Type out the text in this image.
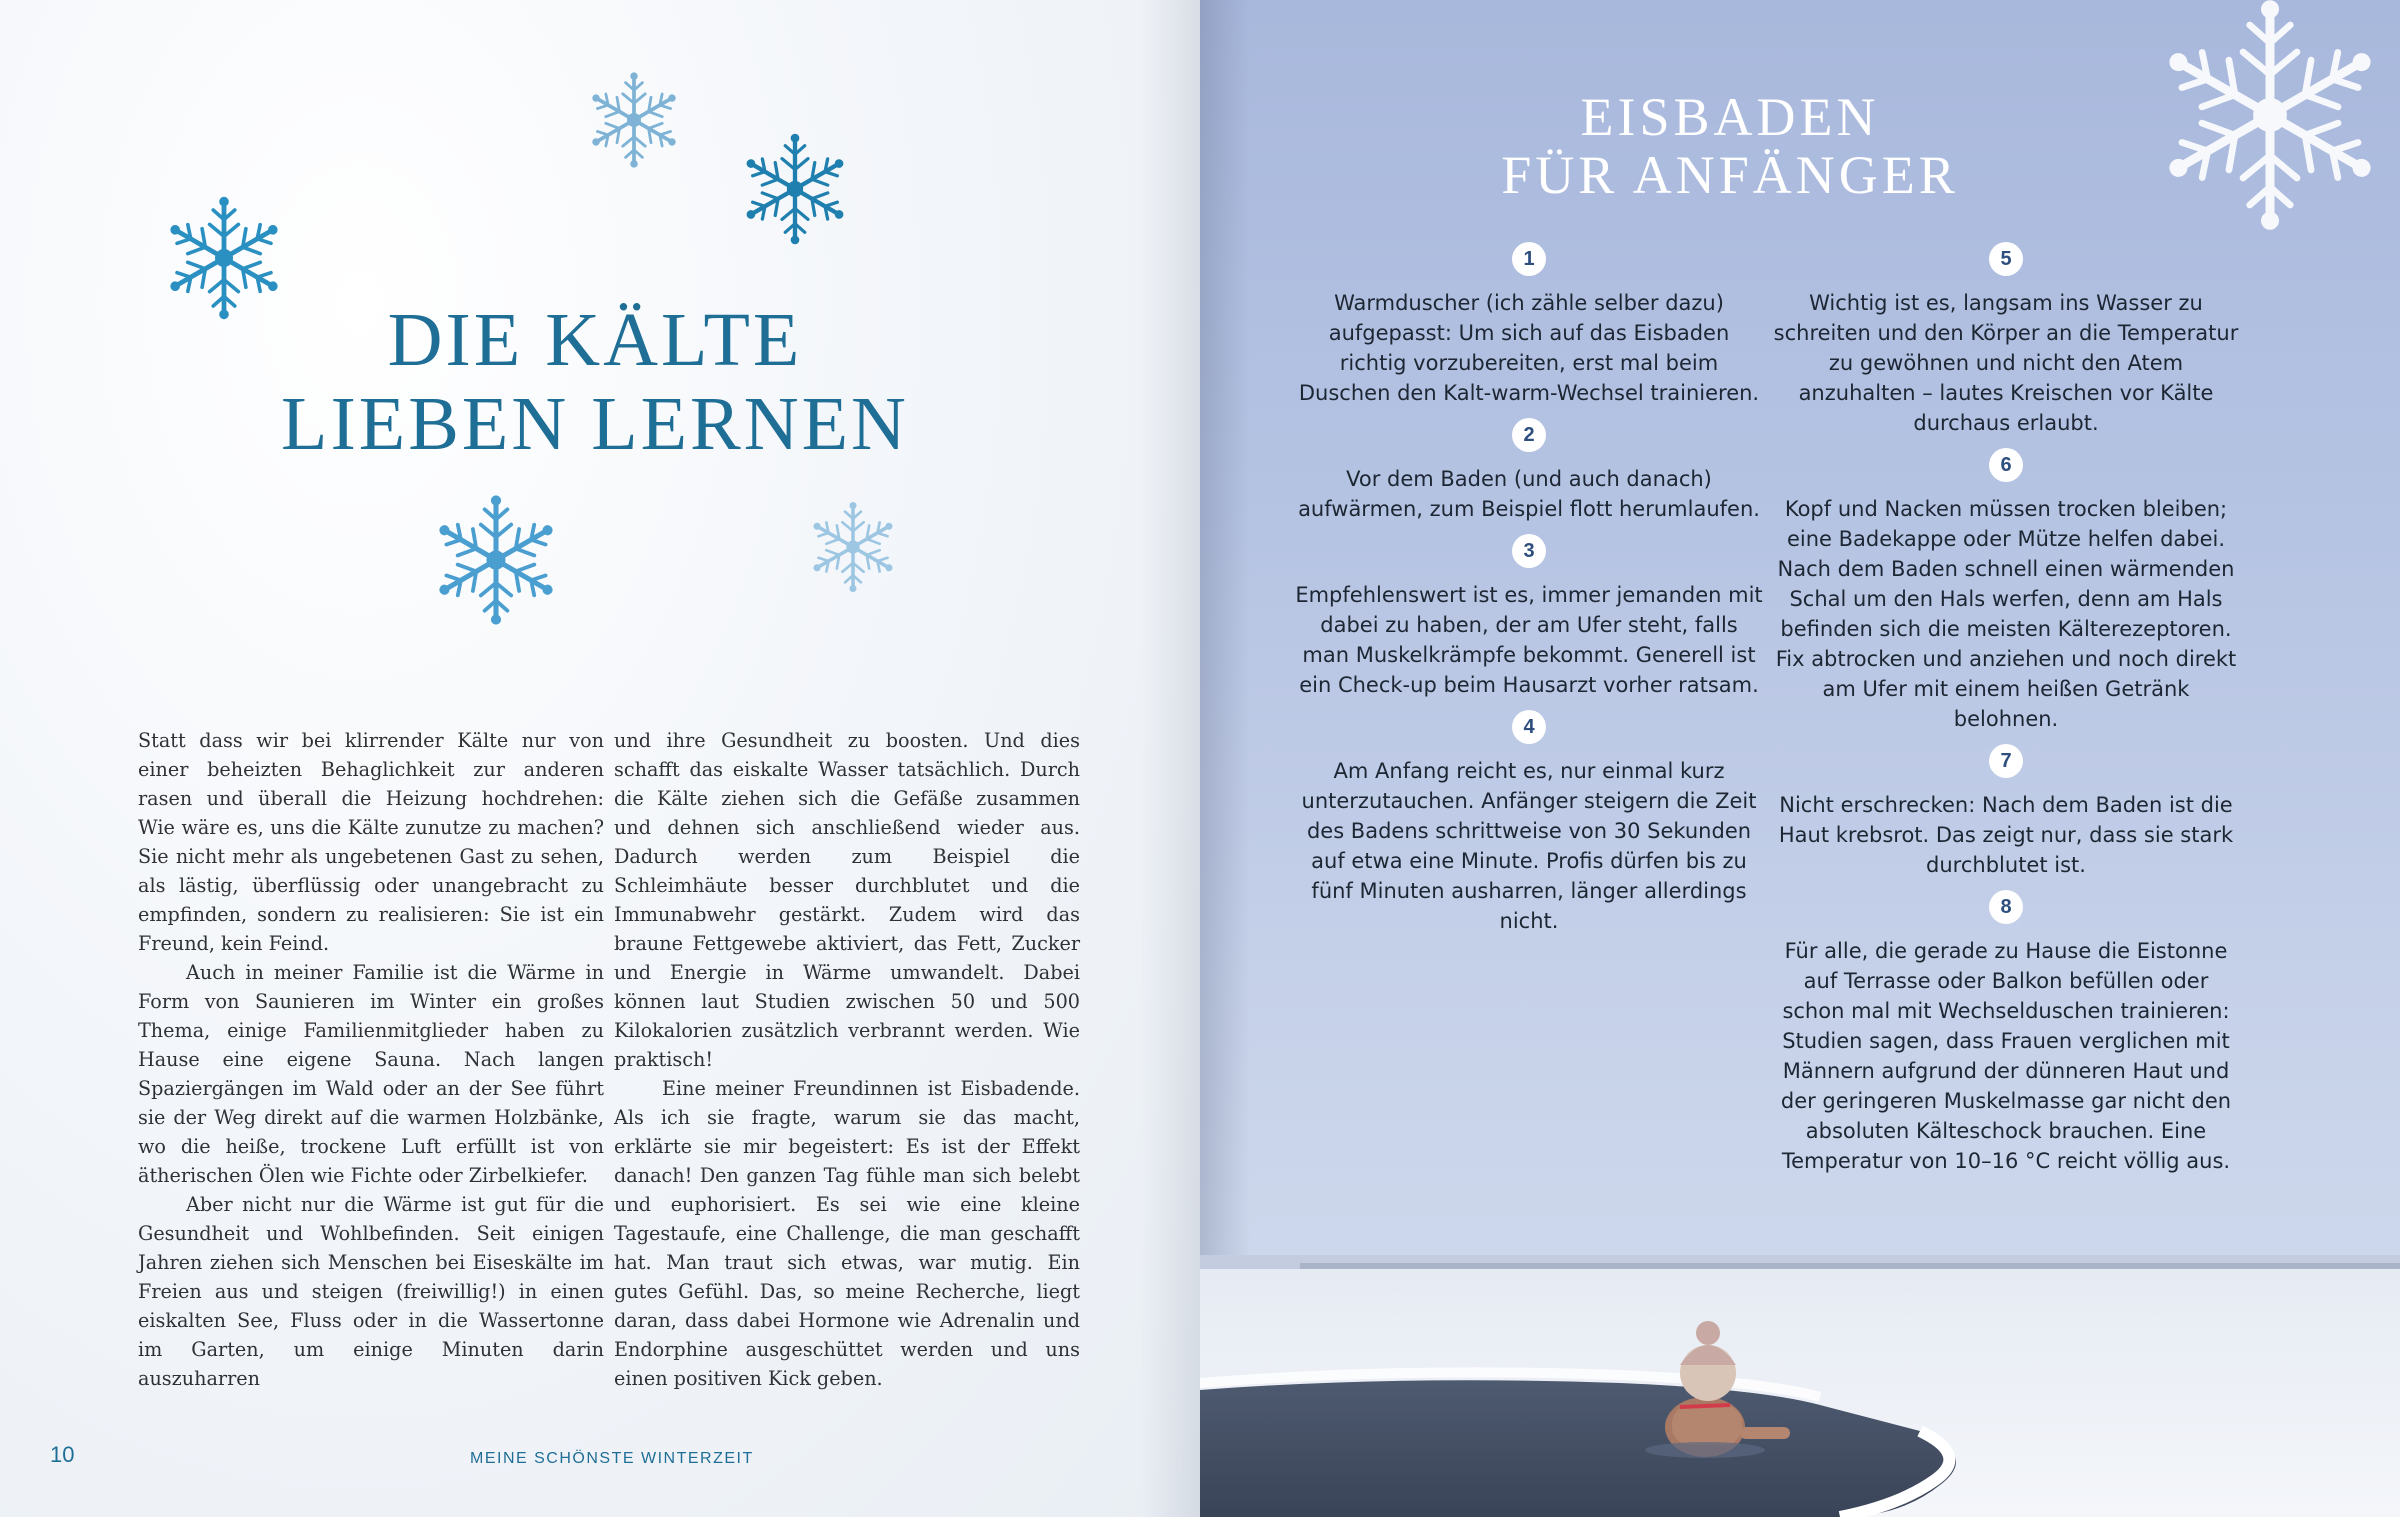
DIE KÄLTE
LIEBEN LERNEN

Statt dass wir bei klirrender Kälte nur von einer beheizten Behaglichkeit zur anderen rasen und überall die Heizung hochdrehen: Wie wäre es, uns die Kälte zunutze zu machen? Sie nicht mehr als ungebetenen Gast zu sehen, als lästig, überflüssig oder unangebracht zu empfinden, sondern zu realisieren: Sie ist ein Freund, kein Feind.

Auch in meiner Familie ist die Wärme in Form von Saunieren im Winter ein großes Thema, einige Familienmitglieder haben zu Hause eine eigene Sauna. Nach langen Spaziergängen im Wald oder an der See führt sie der Weg direkt auf die warmen Holzbänke, wo die heiße, trockene Luft erfüllt ist von ätherischen Ölen wie Fichte oder Zirbelkiefer.

Aber nicht nur die Wärme ist gut für die Gesundheit und Wohlbefinden. Seit einigen Jahren ziehen sich Menschen bei Eiseskälte im Freien aus und steigen (freiwillig!) in einen eiskalten See, Fluss oder in die Wassertonne im Garten, um einige Minuten darin auszuharren

und ihre Gesundheit zu boosten. Und dies schafft das eiskalte Wasser tatsächlich. Durch die Kälte ziehen sich die Gefäße zusammen und dehnen sich anschließend wieder aus. Dadurch werden zum Beispiel die Schleimhäute besser durchblutet und die Immunabwehr gestärkt. Zudem wird das braune Fettgewebe aktiviert, das Fett, Zucker und Energie in Wärme umwandelt. Dabei können laut Studien zwischen 50 und 500 Kilokalorien zusätzlich verbrannt werden. Wie praktisch!

Eine meiner Freundinnen ist Eisbadende. Als ich sie fragte, warum sie das macht, erklärte sie mir begeistert: Es ist der Effekt danach! Den ganzen Tag fühle man sich belebt und euphorisiert. Es sei wie eine kleine Tagestaufe, eine Challenge, die man geschafft hat. Man traut sich etwas, war mutig. Ein gutes Gefühl. Das, so meine Recherche, liegt daran, dass dabei Hormone wie Adrenalin und Endorphine ausgeschüttet werden und uns einen positiven Kick geben.

10	MEINE SCHÖNSTE WINTERZEIT
EISBADEN
FÜR ANFÄNGER
1

Warmduscher (ich zähle selber dazu) aufgepasst: Um sich auf das Eisbaden richtig vorzubereiten, erst mal beim Duschen den Kalt-warm-Wechsel trainieren.

2

Vor dem Baden (und auch danach) aufwärmen, zum Beispiel flott herumlaufen.

3

Empfehlenswert ist es, immer jemanden mit dabei zu haben, der am Ufer steht, falls man Muskelkrämpfe bekommt. Generell ist ein Check-up beim Hausarzt vorher ratsam.

4

Am Anfang reicht es, nur einmal kurz unterzutauchen. Anfänger steigern die Zeit des Badens schrittweise von 30 Sekunden auf etwa eine Minute. Profis dürfen bis zu fünf Minuten ausharren, länger allerdings nicht.

5

Wichtig ist es, langsam ins Wasser zu schreiten und den Körper an die Temperatur zu gewöhnen und nicht den Atem anzuhalten – lautes Kreischen vor Kälte durchaus erlaubt.

6

Kopf und Nacken müssen trocken bleiben; eine Badekappe oder Mütze helfen dabei. Nach dem Baden schnell einen wärmenden Schal um den Hals werfen, denn am Hals befinden sich die meisten Kälterezeptoren. Fix abtrocken und anziehen und noch direkt am Ufer mit einem heißen Getränk belohnen.

7

Nicht erschrecken: Nach dem Baden ist die Haut krebsrot. Das zeigt nur, dass sie stark durchblutet ist.

8

Für alle, die gerade zu Hause die Eistonne auf Terrasse oder Balkon befüllen oder schon mal mit Wechselduschen trainieren: Studien sagen, dass Frauen verglichen mit Männern aufgrund der dünneren Haut und der geringeren Muskelmasse gar nicht den absoluten Kälteschock brauchen. Eine Temperatur von 10–16 °C reicht völlig aus.
